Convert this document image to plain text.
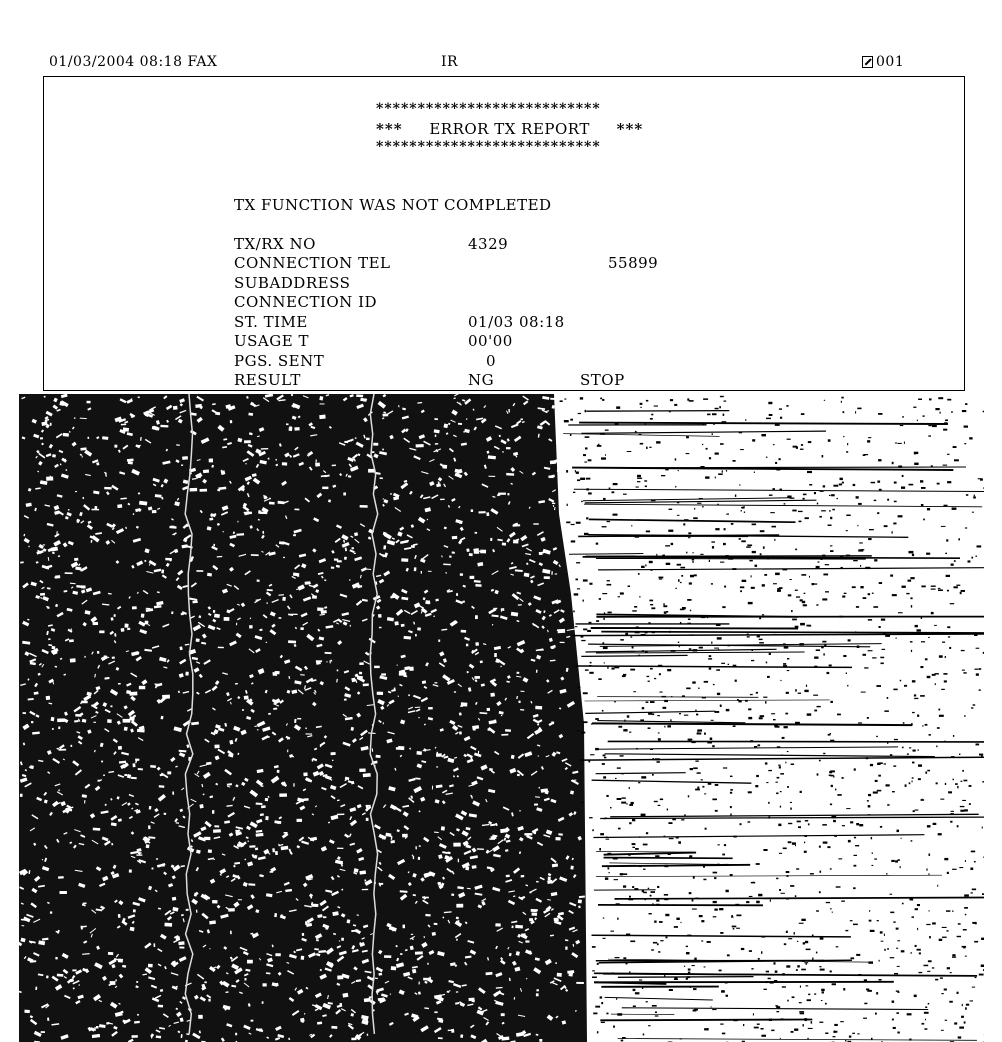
01/03/2004 08:18 FAX	IR	001
***************************
*** ERROR TX REPORT ***
***************************
TX FUNCTION WAS NOT COMPLETED
TX/RX NO	4329
CONNECTION TEL	55899
SUBADDRESS
CONNECTION ID
ST. TIME	01/03 08:18
USAGE T	00'00
PGS. SENT	0
RESULT	NG	STOP
